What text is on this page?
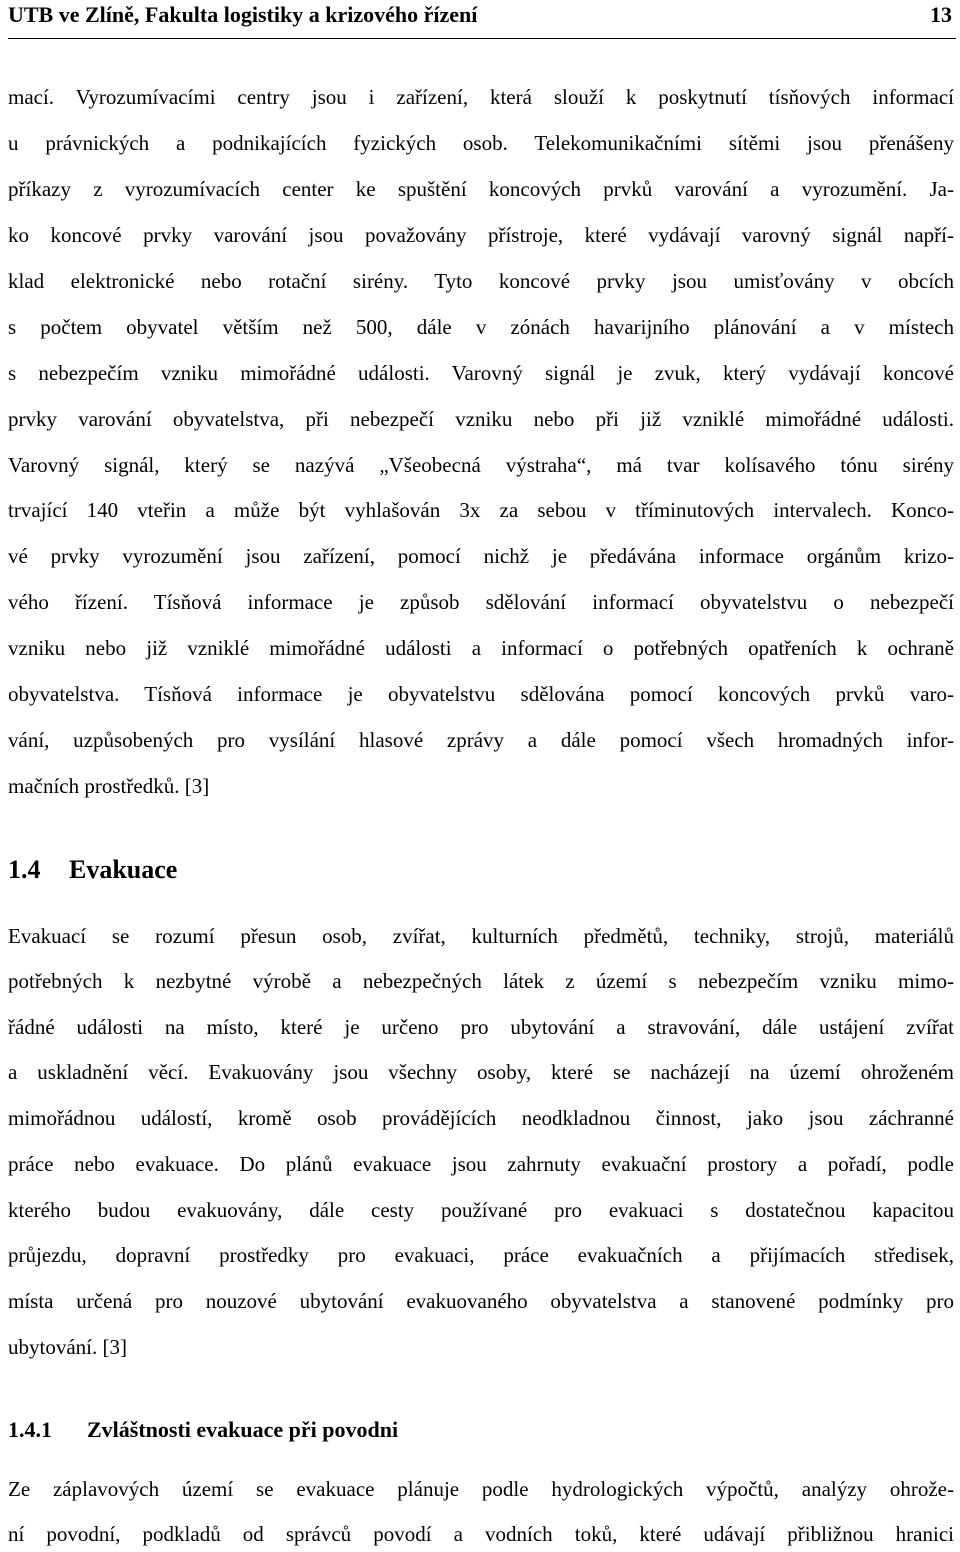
UTB ve Zlíně, Fakulta logistiky a krizového řízení	13
mací. Vyrozumívacími centry jsou i zařízení, která slouží k poskytnutí tísňových informací
u právnických a podnikajících fyzických osob. Telekomunikačními sítěmi jsou přenášeny
příkazy z vyrozumívacích center ke spuštění koncových prvků varování a vyrozumění. Ja-
ko koncové prvky varování jsou považovány přístroje, které vydávají varovný signál napří-
klad elektronické nebo rotační sirény. Tyto koncové prvky jsou umisťovány v obcích
s počtem obyvatel větším než 500, dále v zónách havarijního plánování a v místech
s nebezpečím vzniku mimořádné události. Varovný signál je zvuk, který vydávají koncové
prvky varování obyvatelstva, při nebezpečí vzniku nebo při již vzniklé mimořádné události.
Varovný signál, který se nazývá „Všeobecná výstraha“, má tvar kolísavého tónu sirény
trvající 140 vteřin a může být vyhlašován 3x za sebou v tříminutových intervalech. Konco-
vé prvky vyrozumění jsou zařízení, pomocí nichž je předávána informace orgánům krizo-
vého řízení. Tísňová informace je způsob sdělování informací obyvatelstvu o nebezpečí
vzniku nebo již vzniklé mimořádné události a informací o potřebných opatřeních k ochraně
obyvatelstva. Tísňová informace je obyvatelstvu sdělována pomocí koncových prvků varo-
vání, uzpůsobených pro vysílání hlasové zprávy a dále pomocí všech hromadných infor-
mačních prostředků. [3]
1.4 Evakuace
Evakuací se rozumí přesun osob, zvířat, kulturních předmětů, techniky, strojů, materiálů
potřebných k nezbytné výrobě a nebezpečných látek z území s nebezpečím vzniku mimo-
řádné události na místo, které je určeno pro ubytování a stravování, dále ustájení zvířat
a uskladnění věcí. Evakuovány jsou všechny osoby, které se nacházejí na území ohroženém
mimořádnou událostí, kromě osob provádějících neodkladnou činnost, jako jsou záchranné
práce nebo evakuace. Do plánů evakuace jsou zahrnuty evakuační prostory a pořadí, podle
kterého budou evakuovány, dále cesty používané pro evakuaci s dostatečnou kapacitou
průjezdu, dopravní prostředky pro evakuaci, práce evakuačních a přijímacích středisek,
místa určená pro nouzové ubytování evakuovaného obyvatelstva a stanovené podmínky pro
ubytování. [3]
1.4.1 Zvláštnosti evakuace při povodni
Ze záplavových území se evakuace plánuje podle hydrologických výpočtů, analýzy ohrože-
ní povodní, podkladů od správců povodí a vodních toků, které udávají přibližnou hranici
